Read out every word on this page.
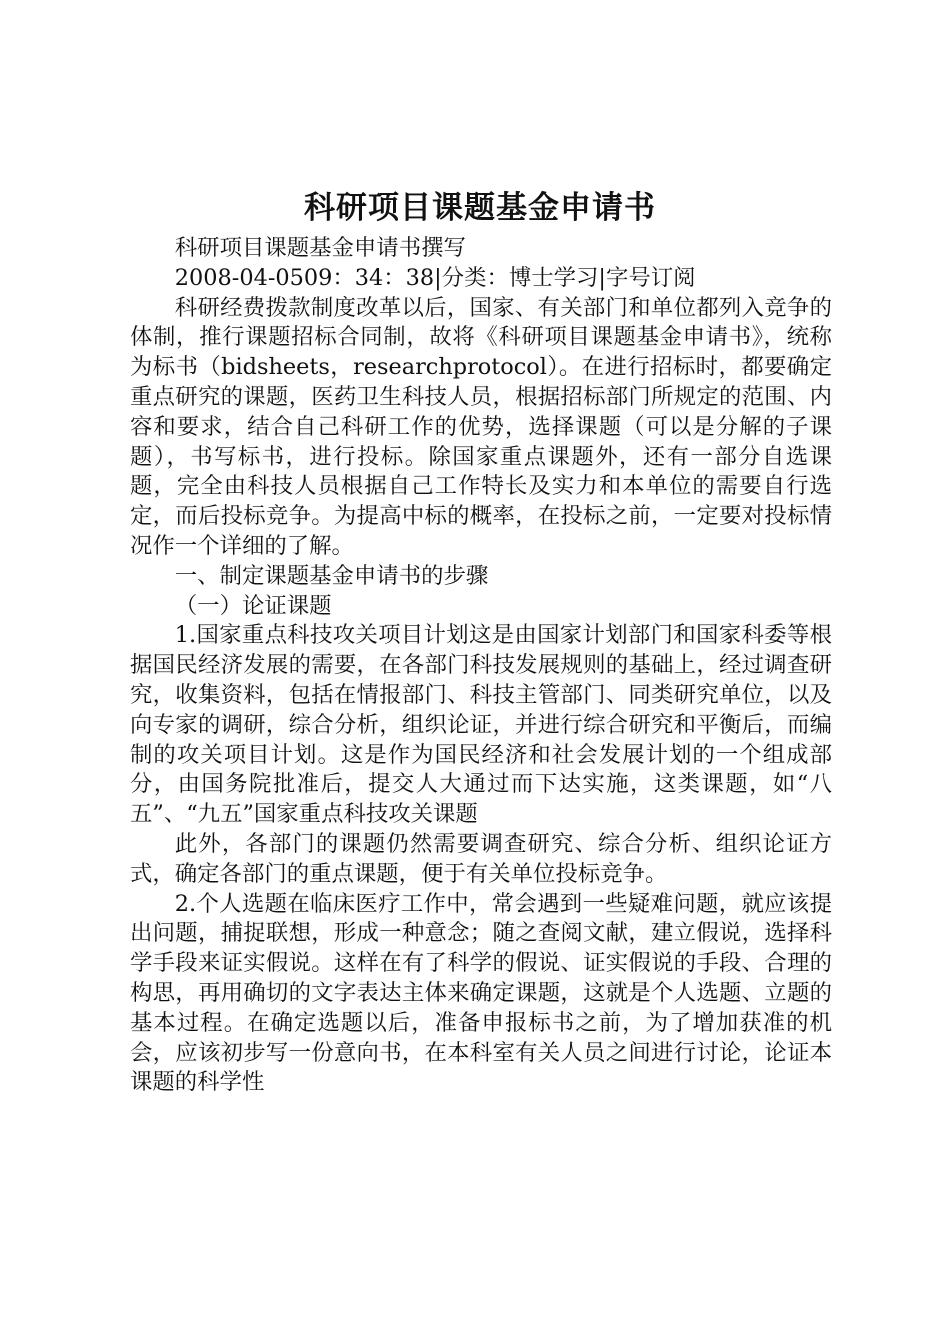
科研项目课题基金申请书

科研项目课题基金申请书撰写

2008-04-0509：34：38|分类：博士学习|字号订阅

科研经费拨款制度改革以后，国家、有关部门和单位都列入竞争的体制，推行课题招标合同制，故将《科研项目课题基金申请书》，统称为标书（bidsheets，researchprotocol）。在进行招标时，都要确定重点研究的课题，医药卫生科技人员，根据招标部门所规定的范围、内容和要求，结合自己科研工作的优势，选择课题（可以是分解的子课题），书写标书，进行投标。除国家重点课题外，还有一部分自选课题，完全由科技人员根据自己工作特长及实力和本单位的需要自行选定，而后投标竞争。为提高中标的概率，在投标之前，一定要对投标情况作一个详细的了解。

一、制定课题基金申请书的步骤

（一）论证课题

1.国家重点科技攻关项目计划这是由国家计划部门和国家科委等根据国民经济发展的需要，在各部门科技发展规则的基础上，经过调查研究，收集资料，包括在情报部门、科技主管部门、同类研究单位，以及向专家的调研，综合分析，组织论证，并进行综合研究和平衡后，而编制的攻关项目计划。这是作为国民经济和社会发展计划的一个组成部分，由国务院批准后，提交人大通过而下达实施，这类课题，如“八五”、“九五”国家重点科技攻关课题

此外，各部门的课题仍然需要调查研究、综合分析、组织论证方式，确定各部门的重点课题，便于有关单位投标竞争。

2.个人选题在临床医疗工作中，常会遇到一些疑难问题，就应该提出问题，捕捉联想，形成一种意念；随之查阅文献，建立假说，选择科学手段来证实假说。这样在有了科学的假说、证实假说的手段、合理的构思，再用确切的文字表达主体来确定课题，这就是个人选题、立题的基本过程。在确定选题以后，准备申报标书之前，为了增加获准的机会，应该初步写一份意向书，在本科室有关人员之间进行讨论，论证本课题的科学性
